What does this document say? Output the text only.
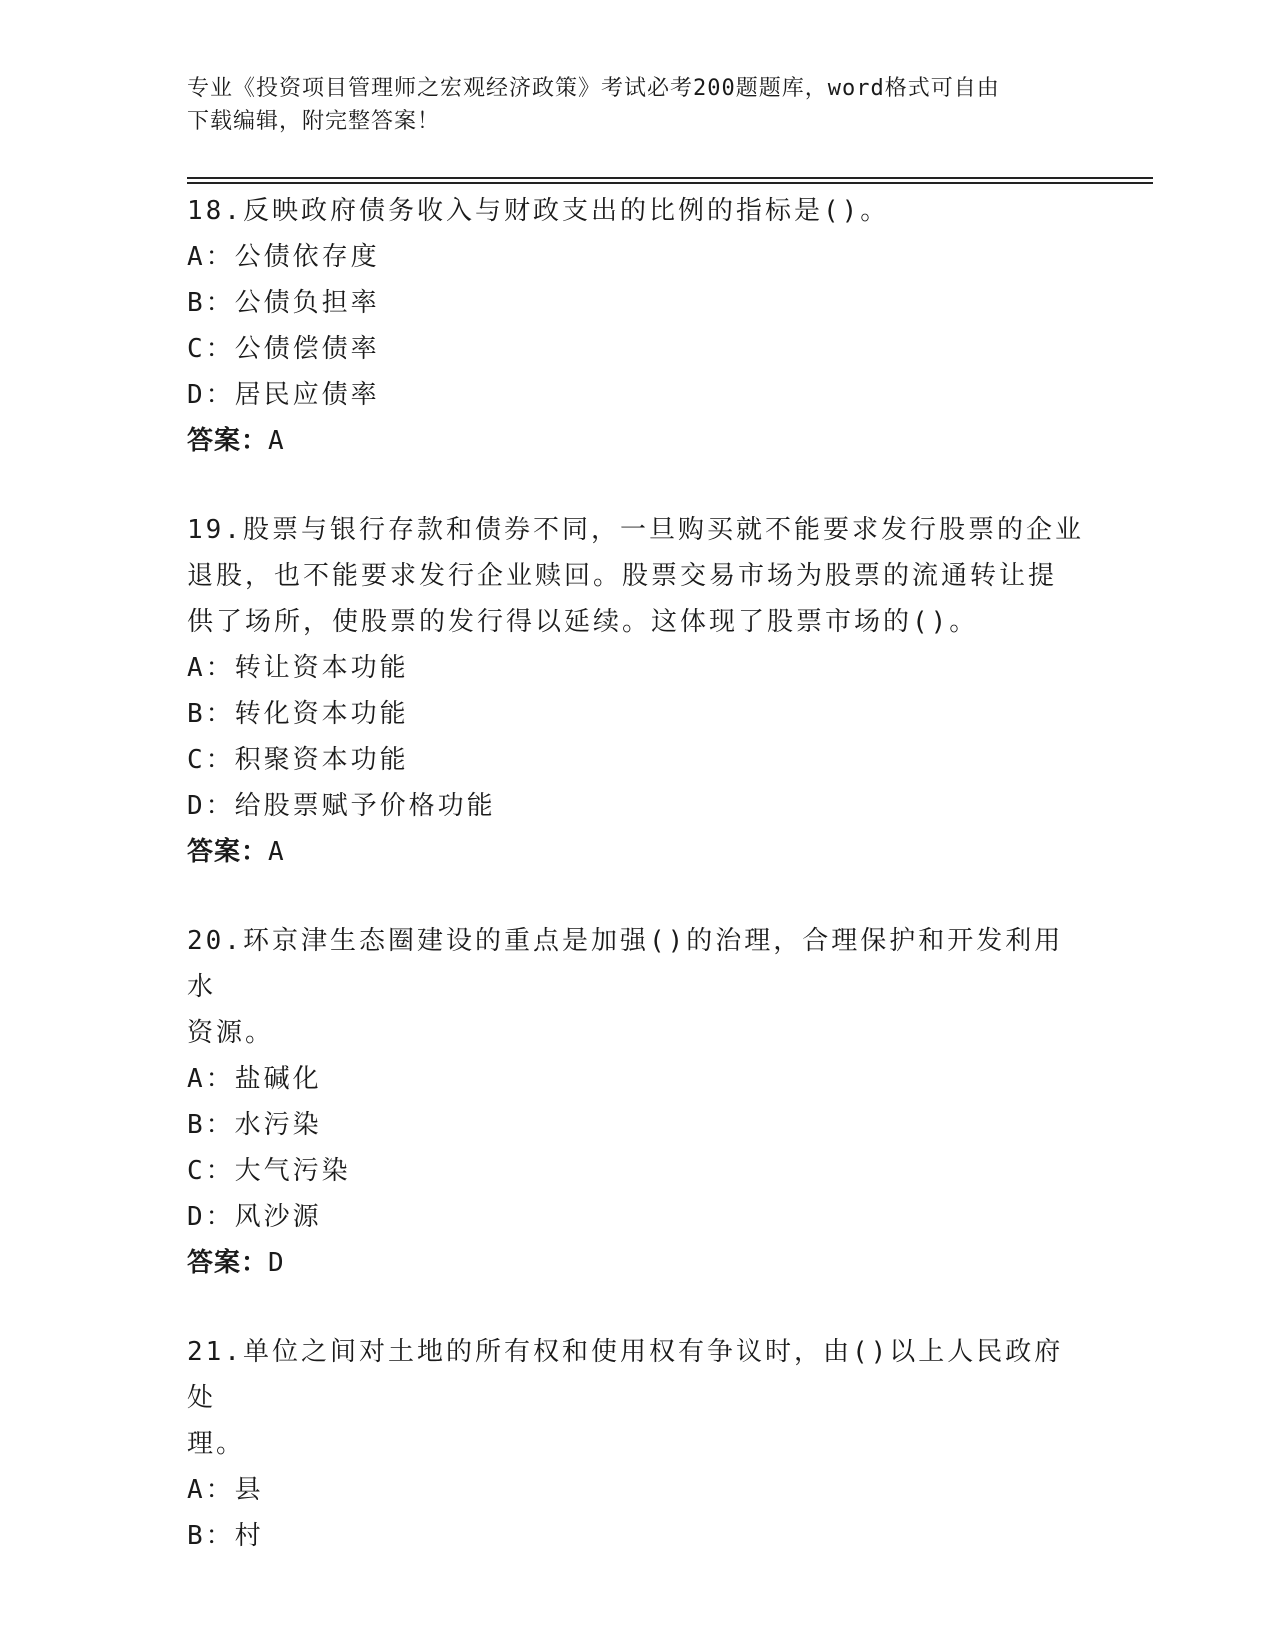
专业《投资项目管理师之宏观经济政策》考试必考200题题库，word格式可自由
下载编辑，附完整答案！

18.反映政府债务收入与财政支出的比例的指标是()。

A：公债依存度

B：公债负担率

C：公债偿债率

D：居民应债率

答案：A

19.股票与银行存款和债券不同，一旦购买就不能要求发行股票的企业

退股，也不能要求发行企业赎回。股票交易市场为股票的流通转让提

供了场所，使股票的发行得以延续。这体现了股票市场的()。

A：转让资本功能

B：转化资本功能

C：积聚资本功能

D：给股票赋予价格功能

答案：A

20.环京津生态圈建设的重点是加强()的治理，合理保护和开发利用水

资源。

A：盐碱化

B：水污染

C：大气污染

D：风沙源

答案：D

21.单位之间对土地的所有权和使用权有争议时，由()以上人民政府处

理。

A：县

B：村
